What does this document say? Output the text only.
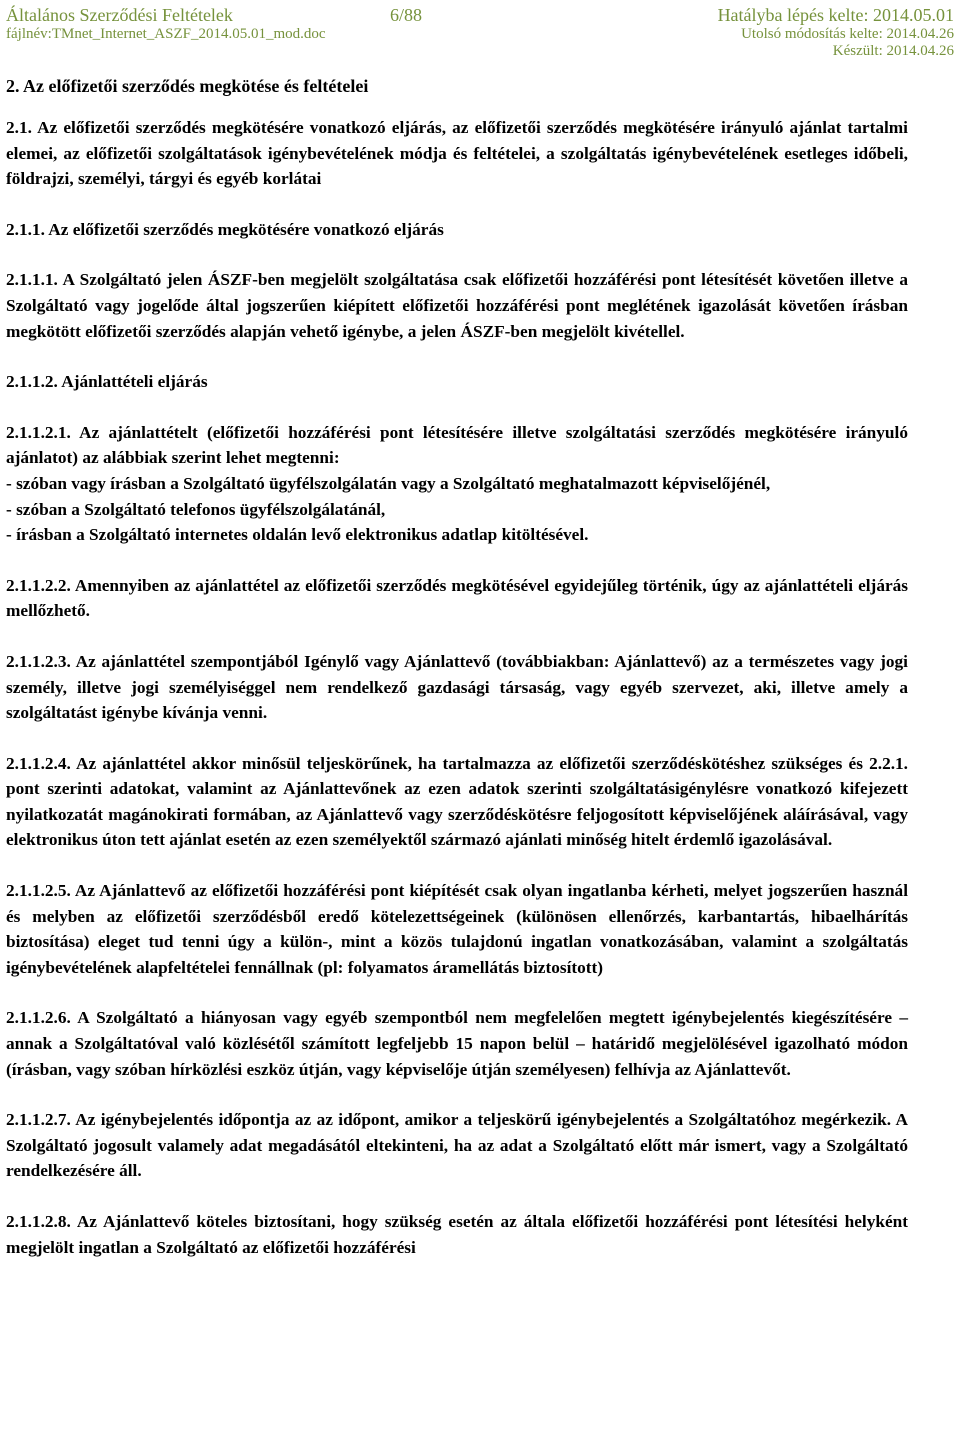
Általános Szerződési Feltételek	6/88	Hatályba lépés kelte: 2014.05.01
fájlnév:TMnet_Internet_ASZF_2014.05.01_mod.doc	Utolsó módosítás kelte: 2014.04.26
Készült: 2014.04.26
2. Az előfizetői szerződés megkötése és feltételei

2.1. Az előfizetői szerződés megkötésére vonatkozó eljárás, az előfizetői szerződés megkötésére irányuló ajánlat tartalmi elemei, az előfizetői szolgáltatások igénybevételének módja és feltételei, a szolgáltatás igénybevételének esetleges időbeli, földrajzi, személyi, tárgyi és egyéb korlátai

2.1.1. Az előfizetői szerződés megkötésére vonatkozó eljárás

2.1.1.1. A Szolgáltató jelen ÁSZF-ben megjelölt szolgáltatása csak előfizetői hozzáférési pont létesítését követően illetve a Szolgáltató vagy jogelőde által jogszerűen kiépített előfizetői hozzáférési pont meglétének igazolását követően írásban megkötött előfizetői szerződés alapján vehető igénybe, a jelen ÁSZF-ben megjelölt kivétellel.

2.1.1.2. Ajánlattételi eljárás

2.1.1.2.1. Az ajánlattételt (előfizetői hozzáférési pont létesítésére illetve szolgáltatási szerződés megkötésére irányuló ajánlatot) az alábbiak szerint lehet megtenni:

- szóban vagy írásban a Szolgáltató ügyfélszolgálatán vagy a Szolgáltató meghatalmazott képviselőjénél,

- szóban a Szolgáltató telefonos ügyfélszolgálatánál,

- írásban a Szolgáltató internetes oldalán levő elektronikus adatlap kitöltésével.

2.1.1.2.2. Amennyiben az ajánlattétel az előfizetői szerződés megkötésével egyidejűleg történik, úgy az ajánlattételi eljárás mellőzhető.

2.1.1.2.3. Az ajánlattétel szempontjából Igénylő vagy Ajánlattevő (továbbiakban: Ajánlattevő) az a természetes vagy jogi személy, illetve jogi személyiséggel nem rendelkező gazdasági társaság, vagy egyéb szervezet, aki, illetve amely a szolgáltatást igénybe kívánja venni.

2.1.1.2.4. Az ajánlattétel akkor minősül teljeskörűnek, ha tartalmazza az előfizetői szerződéskötéshez szükséges és 2.2.1. pont szerinti adatokat, valamint az Ajánlattevőnek az ezen adatok szerinti szolgáltatásigénylésre vonatkozó kifejezett nyilatkozatát magánokirati formában, az Ajánlattevő vagy szerződéskötésre feljogosított képviselőjének aláírásával, vagy elektronikus úton tett ajánlat esetén az ezen személyektől származó ajánlati minőség hitelt érdemlő igazolásával.

2.1.1.2.5. Az Ajánlattevő az előfizetői hozzáférési pont kiépítését csak olyan ingatlanba kérheti, melyet jogszerűen használ és melyben az előfizetői szerződésből eredő kötelezettségeinek (különösen ellenőrzés, karbantartás, hibaelhárítás biztosítása) eleget tud tenni úgy a külön-, mint a közös tulajdonú ingatlan vonatkozásában, valamint a szolgáltatás igénybevételének alapfeltételei fennállnak (pl: folyamatos áramellátás biztosított)

2.1.1.2.6. A Szolgáltató a hiányosan vagy egyéb szempontból nem megfelelően megtett igénybejelentés kiegészítésére – annak a Szolgáltatóval való közlésétől számított legfeljebb 15 napon belül – határidő megjelölésével igazolható módon (írásban, vagy szóban hírközlési eszköz útján, vagy képviselője útján személyesen) felhívja az Ajánlattevőt.

2.1.1.2.7. Az igénybejelentés időpontja az az időpont, amikor a teljeskörű igénybejelentés a Szolgáltatóhoz megérkezik. A Szolgáltató jogosult valamely adat megadásától eltekinteni, ha az adat a Szolgáltató előtt már ismert, vagy a Szolgáltató rendelkezésére áll.

2.1.1.2.8. Az Ajánlattevő köteles biztosítani, hogy szükség esetén az általa előfizetői hozzáférési pont létesítési helyként megjelölt ingatlan a Szolgáltató az előfizetői hozzáférési
